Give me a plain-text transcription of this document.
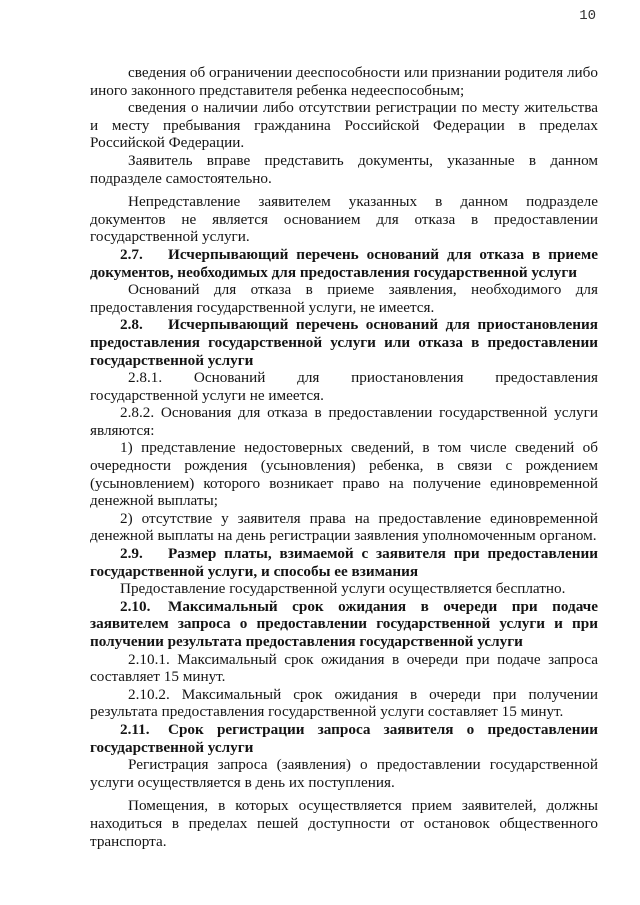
10

сведения об ограничении дееспособности или признании родителя либо иного законного представителя ребенка недееспособным;

сведения о наличии либо отсутствии регистрации по месту жительства и месту пребывания гражданина Российской Федерации в пределах Российской Федерации.

Заявитель вправе представить документы, указанные в данном подразделе самостоятельно.

Непредставление заявителем указанных в данном подразделе документов не является основанием для отказа в предоставлении государственной услуги.

2.7. Исчерпывающий перечень оснований для отказа в приеме документов, необходимых для предоставления государственной услуги

Оснований для отказа в приеме заявления, необходимого для предоставления государственной услуги, не имеется.

2.8. Исчерпывающий перечень оснований для приостановления предоставления государственной услуги или отказа в предоставлении государственной услуги

2.8.1. Оснований для приостановления предоставления государственной услуги не имеется.

2.8.2. Основания для отказа в предоставлении государственной услуги являются:

1) представление недостоверных сведений, в том числе сведений об очередности рождения (усыновления) ребенка, в связи с рождением (усыновлением) которого возникает право на получение единовременной денежной выплаты;

2) отсутствие у заявителя права на предоставление единовременной денежной выплаты на день регистрации заявления уполномоченным органом.

2.9. Размер платы, взимаемой с заявителя при предоставлении государственной услуги, и способы ее взимания

Предоставление государственной услуги осуществляется бесплатно.

2.10. Максимальный срок ожидания в очереди при подаче заявителем запроса о предоставлении государственной услуги и при получении результата предоставления государственной услуги

2.10.1. Максимальный срок ожидания в очереди при подаче запроса составляет 15 минут.

2.10.2. Максимальный срок ожидания в очереди при получении результата предоставления государственной услуги составляет 15 минут.

2.11. Срок регистрации запроса заявителя о предоставлении государственной услуги

Регистрация запроса (заявления) о предоставлении государственной услуги осуществляется в день их поступления.

Помещения, в которых осуществляется прием заявителей, должны находиться в пределах пешей доступности от остановок общественного транспорта.
